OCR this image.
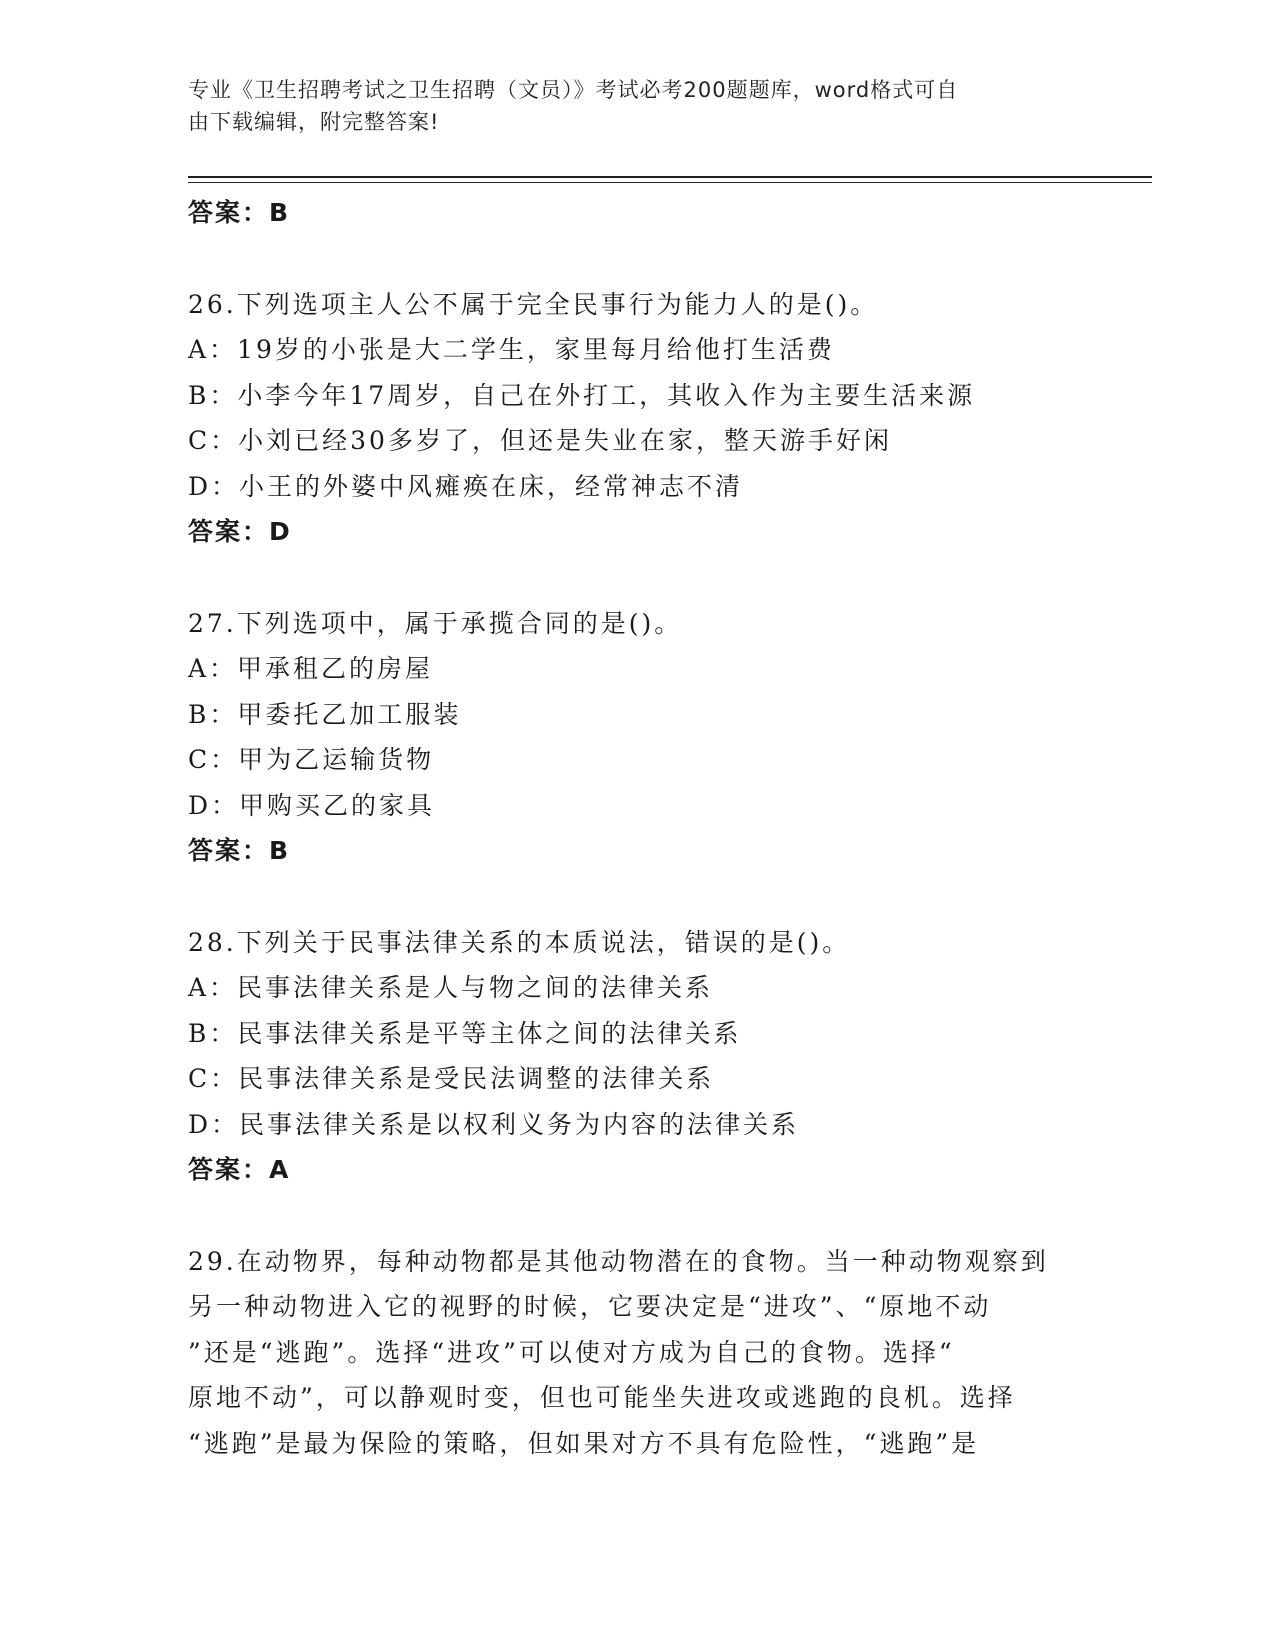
专业《卫生招聘考试之卫生招聘（文员）》考试必考200题题库，word格式可自
由下载编辑，附完整答案!
答案：B
26.下列选项主人公不属于完全民事行为能力人的是()。
A：19岁的小张是大二学生，家里每月给他打生活费
B：小李今年17周岁，自己在外打工，其收入作为主要生活来源
C：小刘已经30多岁了，但还是失业在家，整天游手好闲
D：小王的外婆中风瘫痪在床，经常神志不清
答案：D
27.下列选项中，属于承揽合同的是()。
A：甲承租乙的房屋
B：甲委托乙加工服装
C：甲为乙运输货物
D：甲购买乙的家具
答案：B
28.下列关于民事法律关系的本质说法，错误的是()。
A：民事法律关系是人与物之间的法律关系
B：民事法律关系是平等主体之间的法律关系
C：民事法律关系是受民法调整的法律关系
D：民事法律关系是以权利义务为内容的法律关系
答案：A
29.在动物界，每种动物都是其他动物潜在的食物。当一种动物观察到
另一种动物进入它的视野的时候，它要决定是“进攻”、“原地不动
”还是“逃跑”。选择“进攻”可以使对方成为自己的食物。选择“
原地不动”，可以静观时变，但也可能坐失进攻或逃跑的良机。选择
“逃跑”是最为保险的策略，但如果对方不具有危险性，“逃跑”是
